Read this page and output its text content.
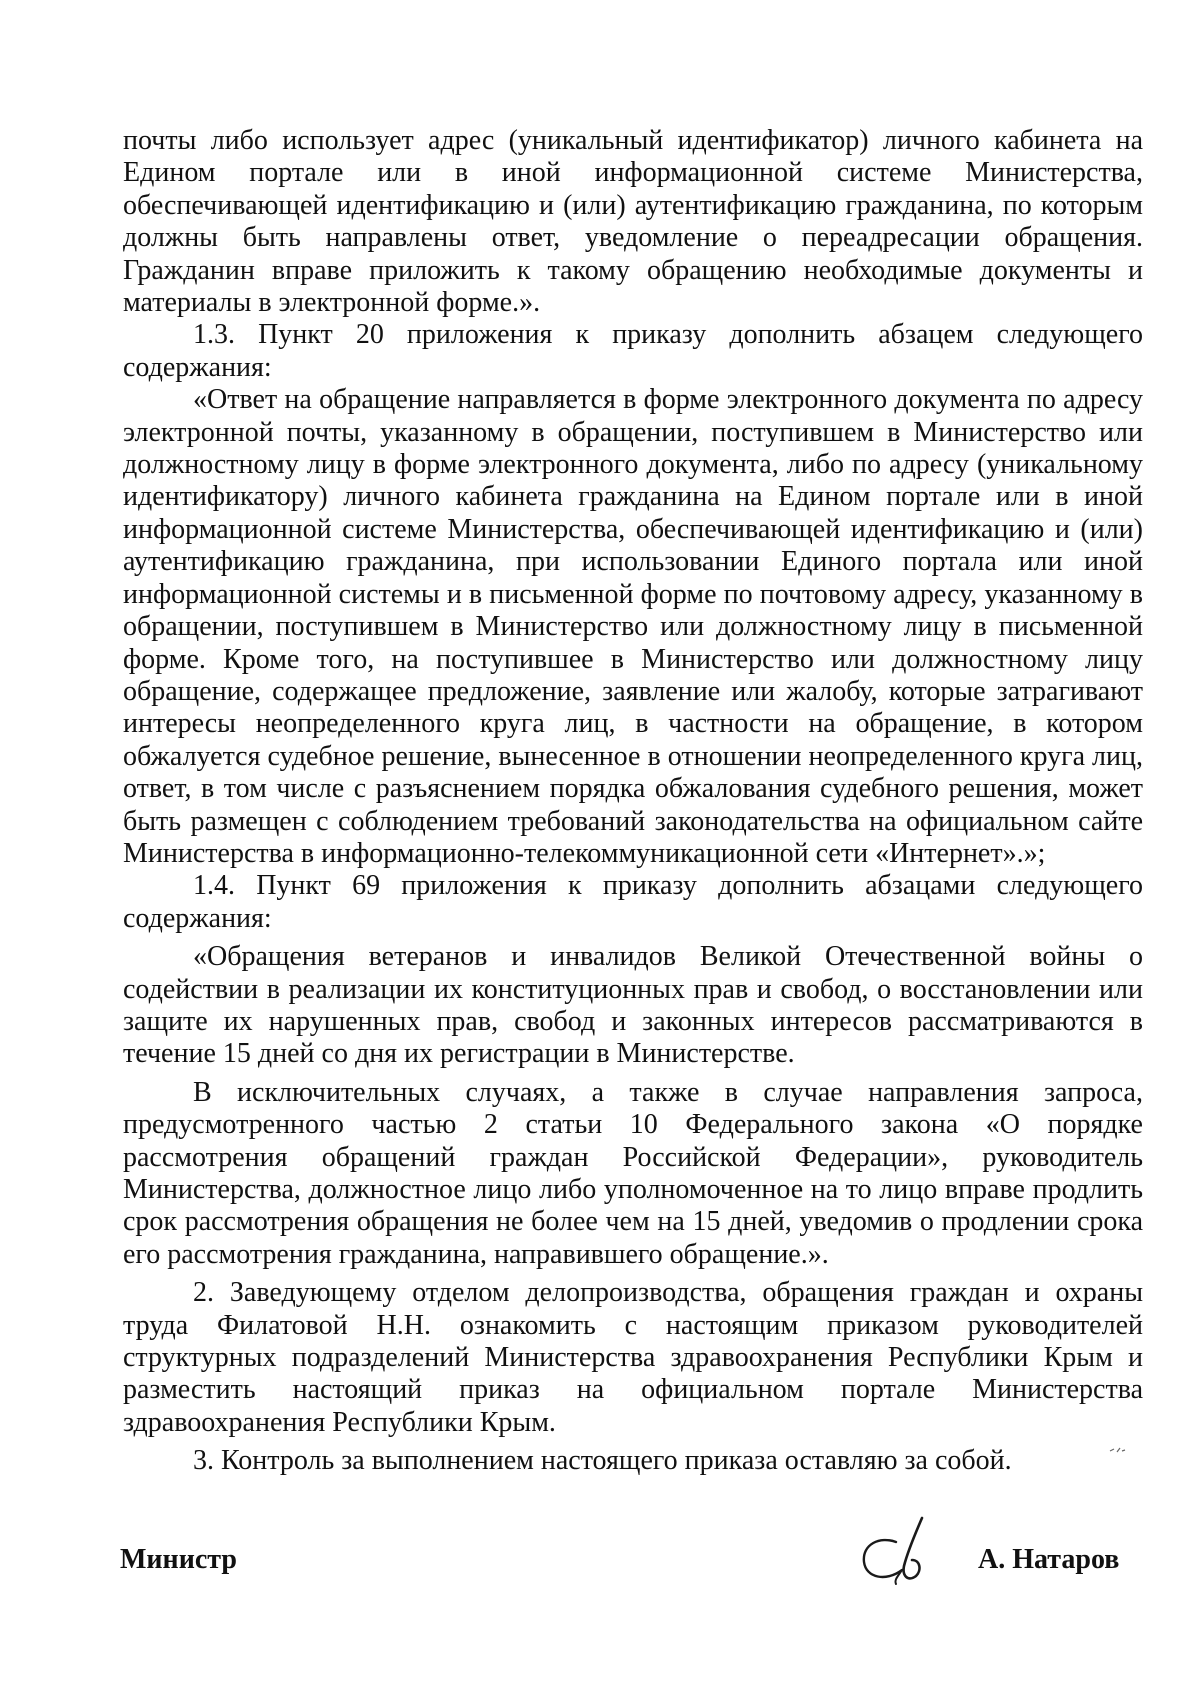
почты либо использует адрес (уникальный идентификатор) личного кабинета на Едином портале или в иной информационной системе Министерства, обеспечивающей идентификацию и (или) аутентификацию гражданина, по которым должны быть направлены ответ, уведомление о переадресации обращения. Гражданин вправе приложить к такому обращению необходимые документы и материалы в электронной форме.».

1.3. Пункт 20 приложения к приказу дополнить абзацем следующего содержания:

«Ответ на обращение направляется в форме электронного документа по адресу электронной почты, указанному в обращении, поступившем в Министерство или должностному лицу в форме электронного документа, либо по адресу (уникальному идентификатору) личного кабинета гражданина на Едином портале или в иной информационной системе Министерства, обеспечивающей идентификацию и (или) аутентификацию гражданина, при использовании Единого портала или иной информационной системы и в письменной форме по почтовому адресу, указанному в обращении, поступившем в Министерство или должностному лицу в письменной форме. Кроме того, на поступившее в Министерство или должностному лицу обращение, содержащее предложение, заявление или жалобу, которые затрагивают интересы неопределенного круга лиц, в частности на обращение, в котором обжалуется судебное решение, вынесенное в отношении неопределенного круга лиц, ответ, в том числе с разъяснением порядка обжалования судебного решения, может быть размещен с соблюдением требований законодательства на официальном сайте Министерства в информационно-телекоммуникационной сети «Интернет».»;

1.4. Пункт 69 приложения к приказу дополнить абзацами следующего содержания:

«Обращения ветеранов и инвалидов Великой Отечественной войны о содействии в реализации их конституционных прав и свобод, о восстановлении или защите их нарушенных прав, свобод и законных интересов рассматриваются в течение 15 дней со дня их регистрации в Министерстве.

В исключительных случаях, а также в случае направления запроса, предусмотренного частью 2 статьи 10 Федерального закона «О порядке рассмотрения обращений граждан Российской Федерации», руководитель Министерства, должностное лицо либо уполномоченное на то лицо вправе продлить срок рассмотрения обращения не более чем на 15 дней, уведомив о продлении срока его рассмотрения гражданина, направившего обращение.».

2. Заведующему отделом делопроизводства, обращения граждан и охраны труда Филатовой Н.Н. ознакомить с настоящим приказом руководителей структурных подразделений Министерства здравоохранения Республики Крым и разместить настоящий приказ на официальном портале Министерства здравоохранения Республики Крым.

3. Контроль за выполнением настоящего приказа оставляю за собой.

Министр	А. Натаров
